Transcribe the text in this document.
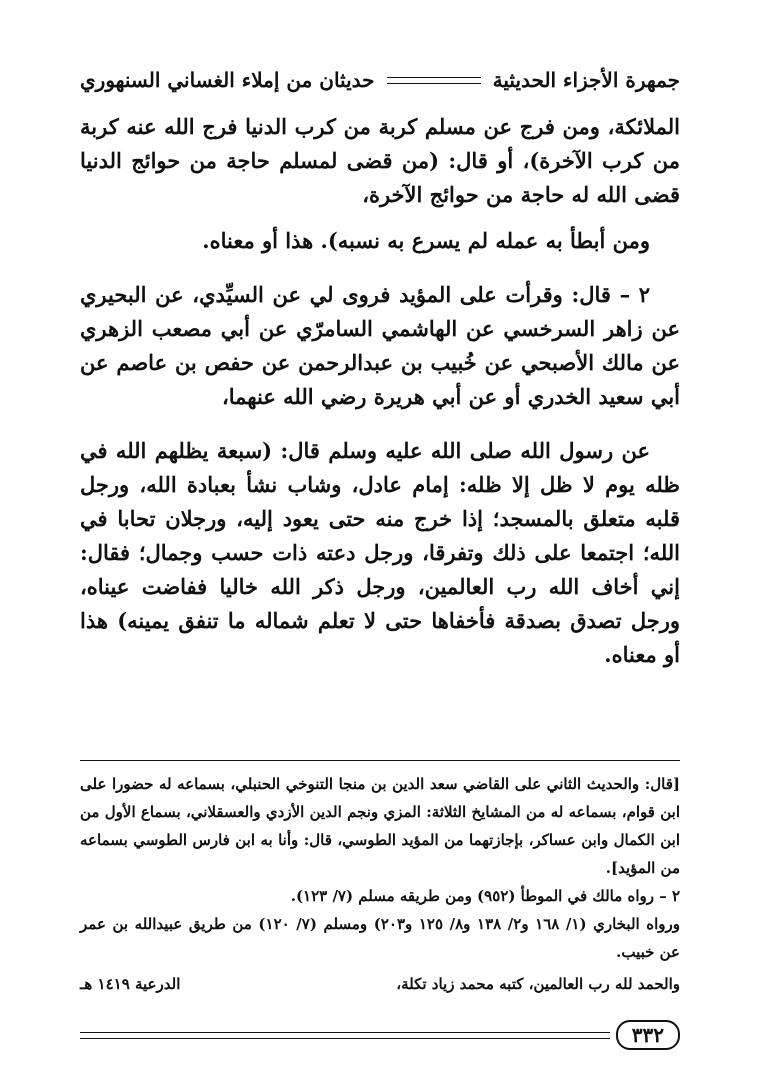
جمهرة الأجزاء الحديثية
حديثان من إملاء الغساني السنهوري

الملائكة، ومن فرج عن مسلم كربة من كرب الدنيا فرج الله عنه كربة من كرب الآخرة)، أو قال: (من قضى لمسلم حاجة من حوائج الدنيا قضى الله له حاجة من حوائج الآخرة،

ومن أبطأ به عمله لم يسرع به نسبه). هذا أو معناه.

٢ – قال: وقرأت على المؤيد فروى لي عن السيِّدي، عن البحيري عن زاهر السرخسي عن الهاشمي السامرّي عن أبي مصعب الزهري عن مالك الأصبحي عن خُبيب بن عبدالرحمن عن حفص بن عاصم عن أبي سعيد الخدري أو عن أبي هريرة رضي الله عنهما،

عن رسول الله صلى الله عليه وسلم قال: (سبعة يظلهم الله في ظله يوم لا ظل إلا ظله: إمام عادل، وشاب نشأ بعبادة الله، ورجل قلبه متعلق بالمسجد؛ إذا خرج منه حتى يعود إليه، ورجلان تحابا في الله؛ اجتمعا على ذلك وتفرقا، ورجل دعته ذات حسب وجمال؛ فقال: إني أخاف الله رب العالمين، ورجل ذكر الله خاليا ففاضت عيناه، ورجل تصدق بصدقة فأخفاها حتى لا تعلم شماله ما تنفق يمينه) هذا أو معناه.

[قال: والحديث الثاني على القاضي سعد الدين بن منجا التنوخي الحنبلي، بسماعه له حضورا على ابن قوام، بسماعه له من المشايخ الثلاثة: المزي ونجم الدين الأزدي والعسقلاني، بسماع الأول من ابن الكمال وابن عساكر، بإجازتهما من المؤيد الطوسي، قال: وأنا به ابن فارس الطوسي بسماعه من المؤيد].

٢ – رواه مالك في الموطأ (٩٥٢) ومن طريقه مسلم (٧/ ١٢٣).

ورواه البخاري (١/ ١٦٨ و٢/ ١٣٨ و٨/ ١٢٥ و٢٠٣) ومسلم (٧/ ١٢٠) من طريق عبيدالله بن عمر عن خبيب.

والحمد لله رب العالمين، كتبه محمد زياد تكلة،
الدرعية ١٤١٩ هـ
٣٣٢
